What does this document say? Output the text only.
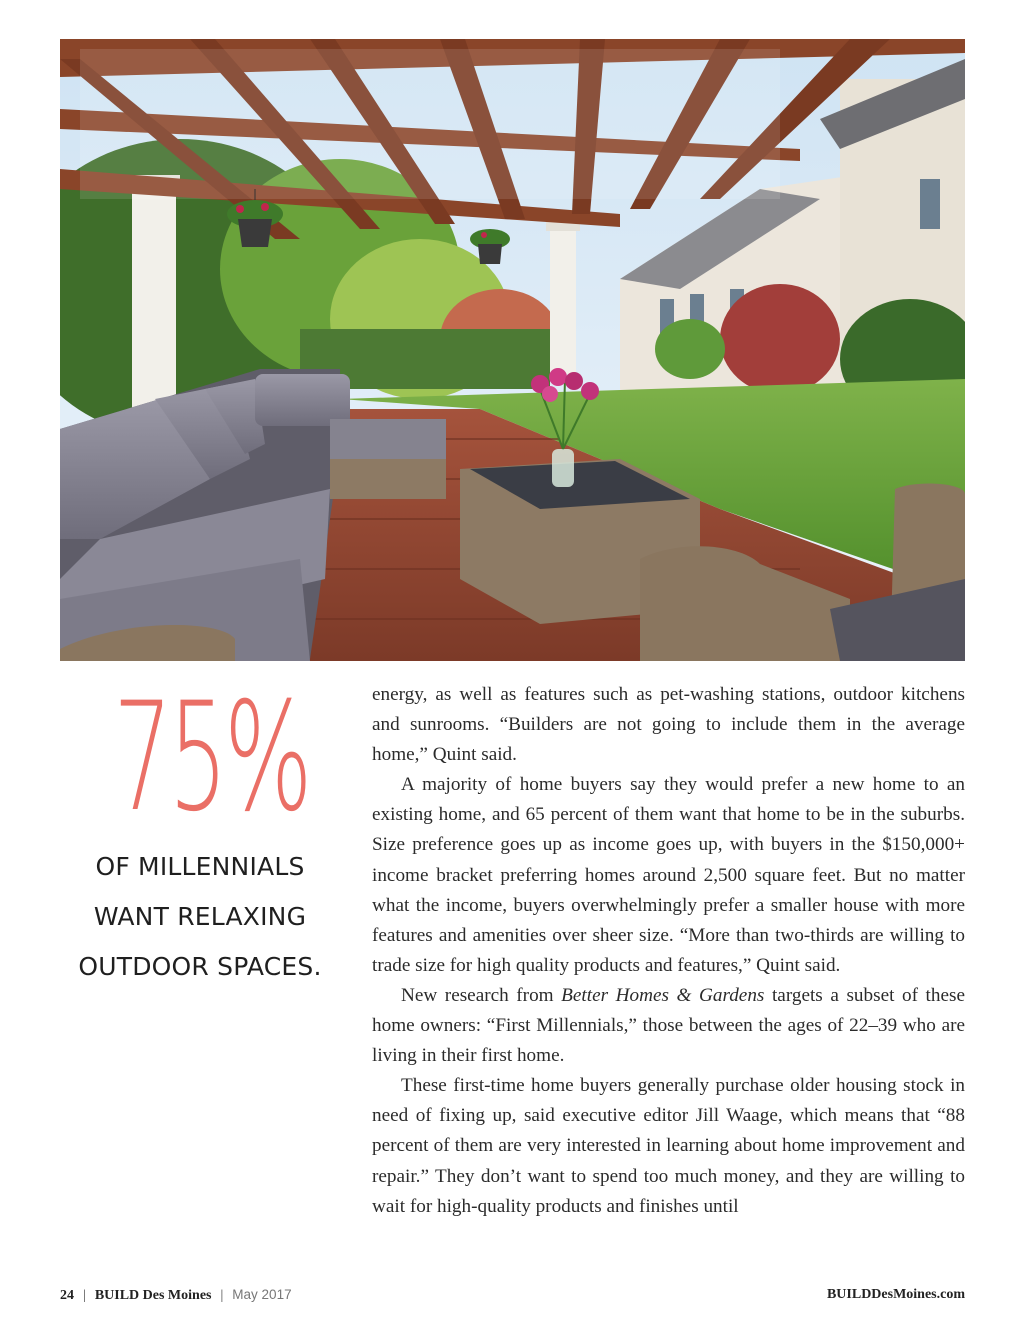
75%
OF MILLENNIALS
WANT RELAXING
OUTDOOR SPACES.

energy, as well as features such as pet-washing stations, outdoor kitchens and sunrooms. “Builders are not going to include them in the average home,” Quint said.

A majority of home buyers say they would prefer a new home to an existing home, and 65 percent of them want that home to be in the suburbs. Size preference goes up as income goes up, with buyers in the $150,000+ income bracket preferring homes around 2,500 square feet. But no matter what the income, buyers overwhelmingly prefer a smaller house with more features and amenities over sheer size. “More than two-thirds are willing to trade size for high quality products and features,” Quint said.

New research from Better Homes & Gardens targets a subset of these home owners: “First Millennials,” those between the ages of 22–39 who are living in their first home.

These first-time home buyers generally purchase older housing stock in need of fixing up, said executive editor Jill Waage, which means that “88 percent of them are very interested in learning about home improvement and repair.” They don’t want to spend too much money, and they are willing to wait for high-quality products and finishes until

24 | BUILD Des Moines | May 2017	BUILDDesMoines.com
